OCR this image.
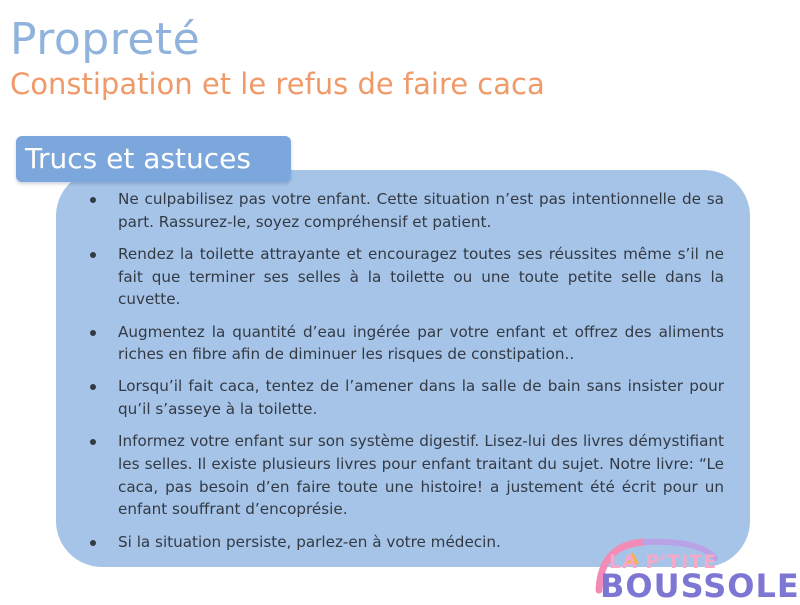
Propreté
Constipation et le refus de faire caca
Ne culpabilisez pas votre enfant. Cette situation n’est pas intentionnelle de sa part. Rassurez-le, soyez compréhensif et patient.
Rendez la toilette attrayante et encouragez toutes ses réussites même s’il ne fait que terminer ses selles à la toilette ou une toute petite selle dans la cuvette.
Augmentez la quantité d’eau ingérée par votre enfant et offrez des aliments riches en fibre afin de diminuer les risques de constipation..
Lorsqu’il fait caca, tentez de l’amener dans la salle de bain sans insister pour qu’il s’asseye à la toilette.
Informez votre enfant sur son système digestif. Lisez-lui des livres démystifiant les selles. Il existe plusieurs livres pour enfant traitant du sujet. Notre livre: “Le caca, pas besoin d’en faire toute une histoire! a justement été écrit pour un enfant souffrant d’encoprésie.
Si la situation persiste, parlez-en à votre médecin.
Trucs et astuces
LA P'TITE
BOUSSOLE
